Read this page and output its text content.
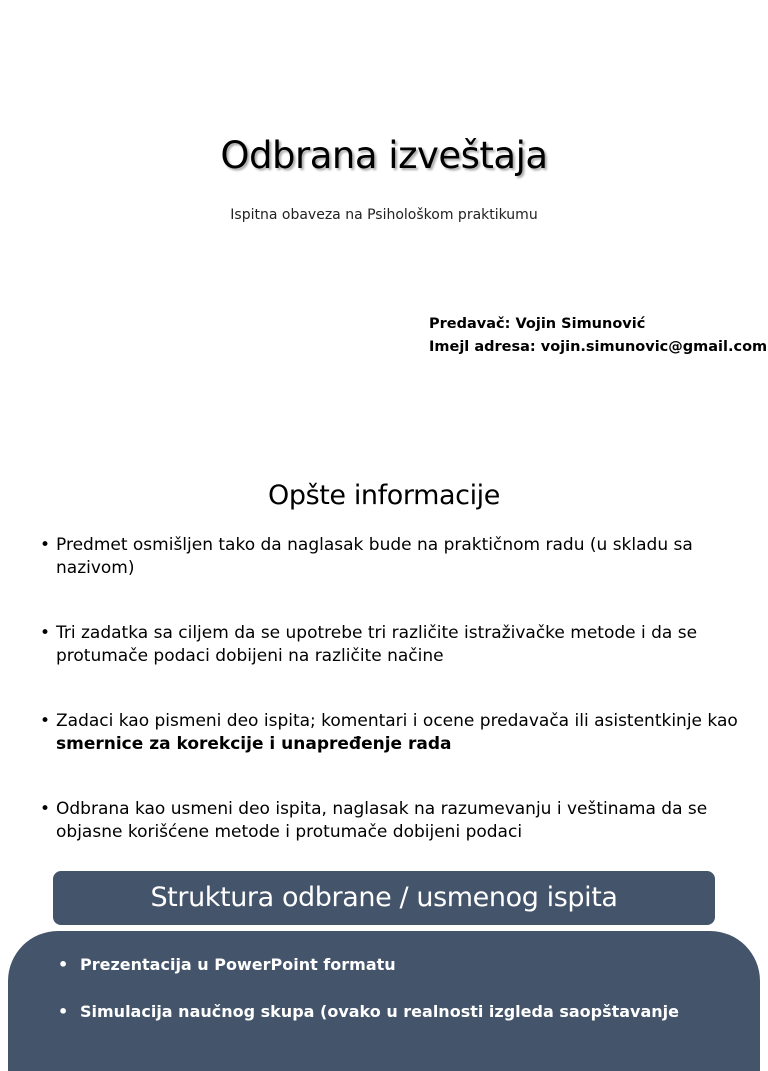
Odbrana izveštaja
Ispitna obaveza na Psihološkom praktikumu
Predavač: Vojin Simunović
Imejl adresa: vojin.simunovic@gmail.com
Opšte informacije
• Predmet osmišljen tako da naglasak bude na praktičnom radu (u skladu sa nazivom)
• Tri zadatka sa ciljem da se upotrebe tri različite istraživačke metode i da se protumače podaci dobijeni na različite načine
• Zadaci kao pismeni deo ispita; komentari i ocene predavača ili asistentkinje kao smernice za korekcije i unapređenje rada
• Odbrana kao usmeni deo ispita, naglasak na razumevanju i veštinama da se objasne korišćene metode i protumače dobijeni podaci
Struktura odbrane / usmenog ispita
• Prezentacija u PowerPoint formatu
• Simulacija naučnog skupa (ovako u realnosti izgleda saopštavanje
